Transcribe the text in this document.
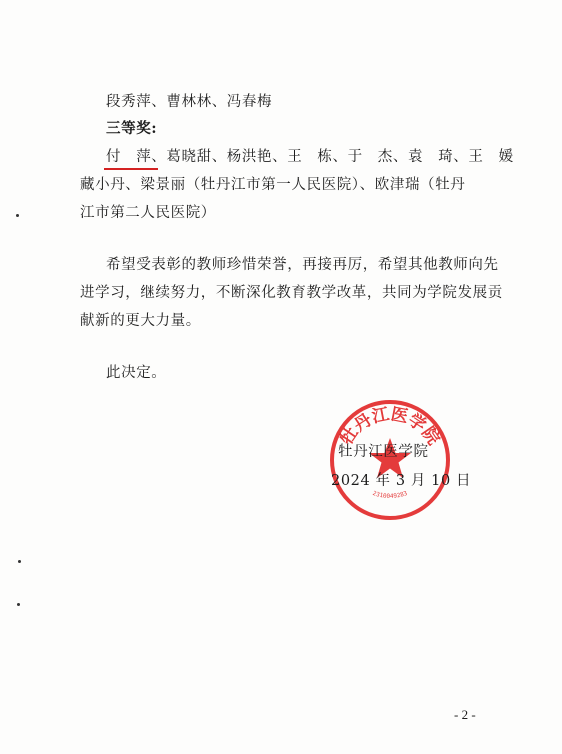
段秀萍、曹林林、冯春梅
三等奖:
付　萍、葛晓甜、杨洪艳、王　栋、于　杰、袁　琦、王　媛
藏小丹、梁景丽（牡丹江市第一人民医院）、欧津瑞（牡丹
江市第二人民医院）
希望受表彰的教师珍惜荣誉，再接再厉，希望其他教师向先
进学习，继续努力，不断深化教育教学改革，共同为学院发展贡
献新的更大力量。
此决定。
牡丹江医学院
2310049283
牡丹江医学院
2024 年 3 月 10 日
- 2 -
